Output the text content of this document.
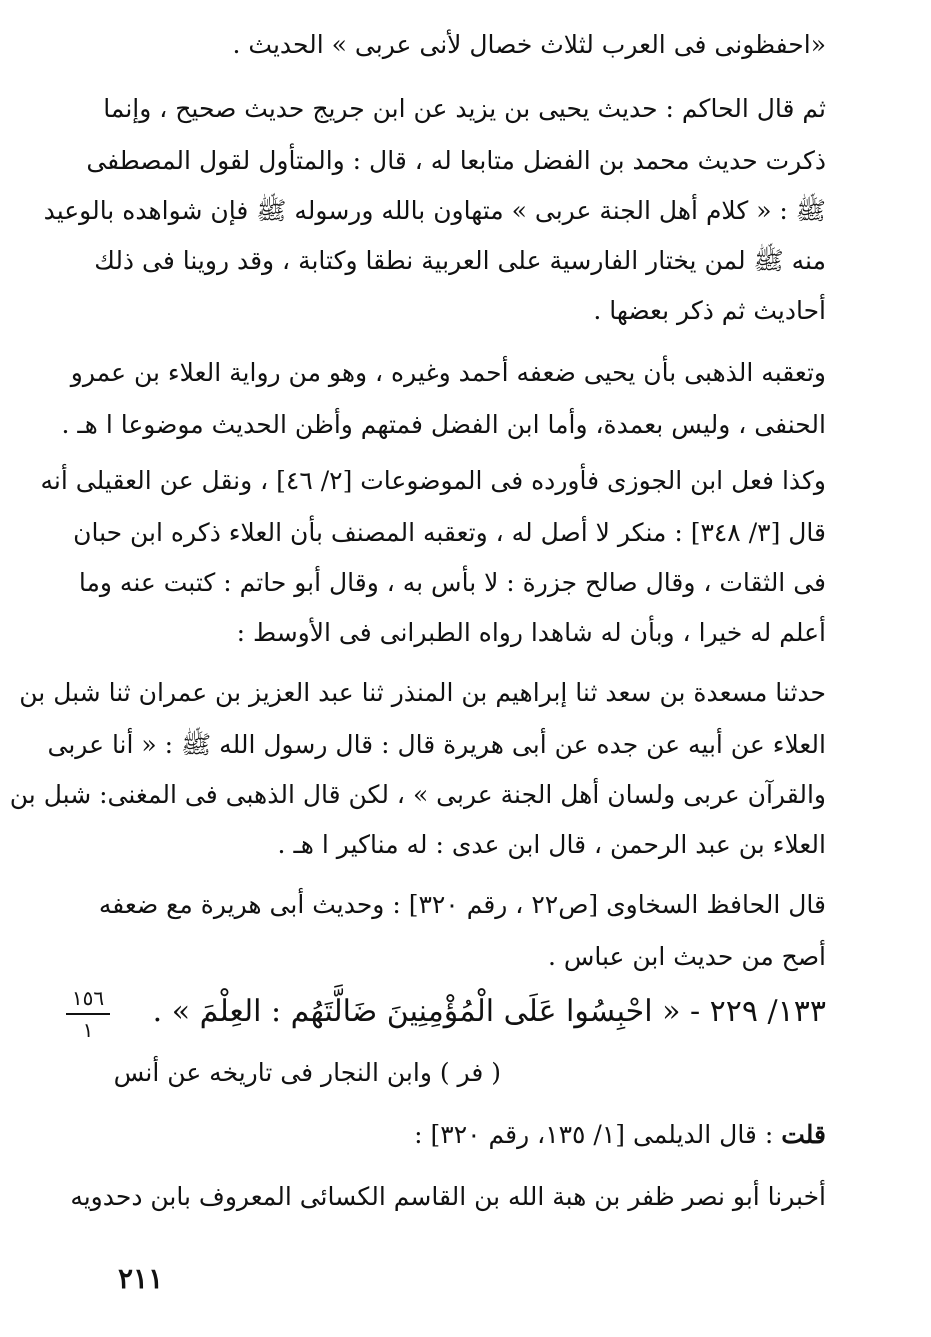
«احفظونى فى العرب لثلاث خصال لأنى عربى » الحديث .
ثم قال الحاكم : حديث يحيى بن يزيد عن ابن جريج حديث صحيح ، وإنما
ذكرت حديث محمد بن الفضل متابعا له ، قال : والمتأول لقول المصطفى
ﷺ : « كلام أهل الجنة عربى » متهاون بالله ورسوله ﷺ فإن شواهده بالوعيد
منه ﷺ لمن يختار الفارسية على العربية نطقا وكتابة ، وقد روينا فى ذلك
أحاديث ثم ذكر بعضها .
وتعقبه الذهبى بأن يحيى ضعفه أحمد وغيره ، وهو من رواية العلاء بن عمرو
الحنفى ، وليس بعمدة، وأما ابن الفضل فمتهم وأظن الحديث موضوعا ا هـ .
وكذا فعل ابن الجوزى فأورده فى الموضوعات [٢/ ٤٦] ، ونقل عن العقيلى أنه
قال [٣/ ٣٤٨] : منكر لا أصل له ، وتعقبه المصنف بأن العلاء ذكره ابن حبان
فى الثقات ، وقال صالح جزرة : لا بأس به ، وقال أبو حاتم : كتبت عنه وما
أعلم له خيرا ، وبأن له شاهدا رواه الطبرانى فى الأوسط :
حدثنا مسعدة بن سعد ثنا إبراهيم بن المنذر ثنا عبد العزيز بن عمران ثنا شبل بن
العلاء عن أبيه عن جده عن أبى هريرة قال : قال رسول الله ﷺ : « أنا عربى
والقرآن عربى ولسان أهل الجنة عربى » ، لكن قال الذهبى فى المغنى: شبل بن
العلاء بن عبد الرحمن ، قال ابن عدى : له مناكير ا هـ .
قال الحافظ السخاوى [ص٢٢ ، رقم ٣٢٠] : وحديث أبى هريرة مع ضعفه
أصح من حديث ابن عباس .
١٥٦
١
١٣٣/ ٢٢٩ - « احْبِسُوا عَلَى الْمُؤْمِنِينَ ضَالَّتَهُم : العِلْمَ » .
( فر ) وابن النجار فى تاريخه عن أنس
قلت : قال الديلمى [١/ ١٣٥، رقم ٣٢٠] :
أخبرنا أبو نصر ظفر بن هبة الله بن القاسم الكسائى المعروف بابن دحدويه
٢١١
